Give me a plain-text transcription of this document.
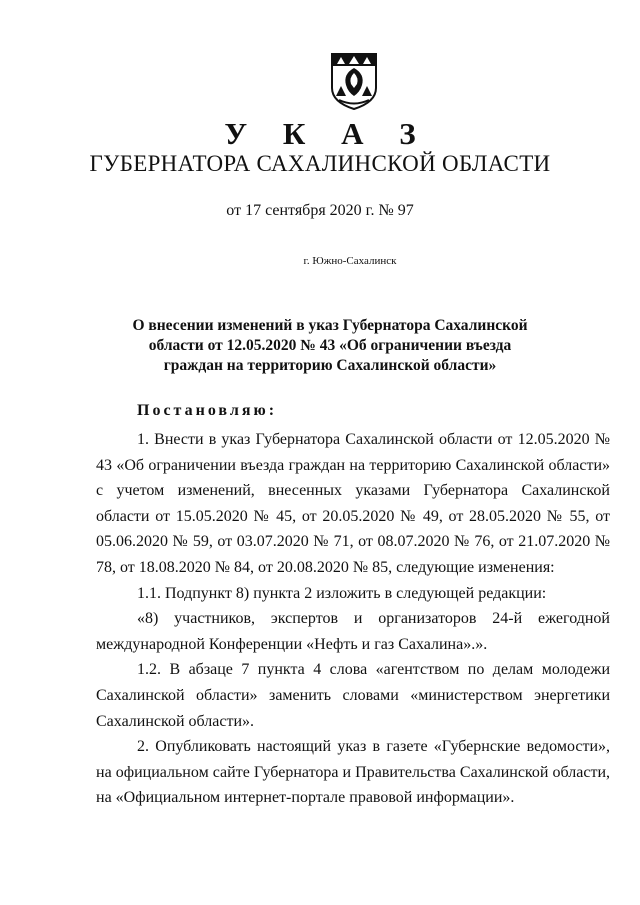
У К А З
ГУБЕРНАТОРА САХАЛИНСКОЙ ОБЛАСТИ
от 17 сентября 2020 г. № 97
г. Южно-Сахалинск
О внесении изменений в указ Губернатора Сахалинской
области от 12.05.2020 № 43 «Об ограничении въезда
граждан на территорию Сахалинской области»
Постановляю:

1. Внести в указ Губернатора Сахалинской области от 12.05.2020 № 43 «Об ограничении въезда граждан на территорию Сахалинской области» с учетом изменений, внесенных указами Губернатора Сахалинской области от 15.05.2020 № 45, от 20.05.2020 № 49, от 28.05.2020 № 55, от 05.06.2020 № 59, от 03.07.2020 № 71, от 08.07.2020 № 76, от 21.07.2020 № 78, от 18.08.2020 № 84, от 20.08.2020 № 85, следующие изменения:

1.1. Подпункт 8) пункта 2 изложить в следующей редакции:

«8) участников, экспертов и организаторов 24-й ежегодной международной Конференции «Нефть и газ Сахалина».».

1.2. В абзаце 7 пункта 4 слова «агентством по делам молодежи Сахалинской области» заменить словами «министерством энергетики Сахалинской области».

2. Опубликовать настоящий указ в газете «Губернские ведомости», на официальном сайте Губернатора и Правительства Сахалинской области, на «Официальном интернет-портале правовой информации».
